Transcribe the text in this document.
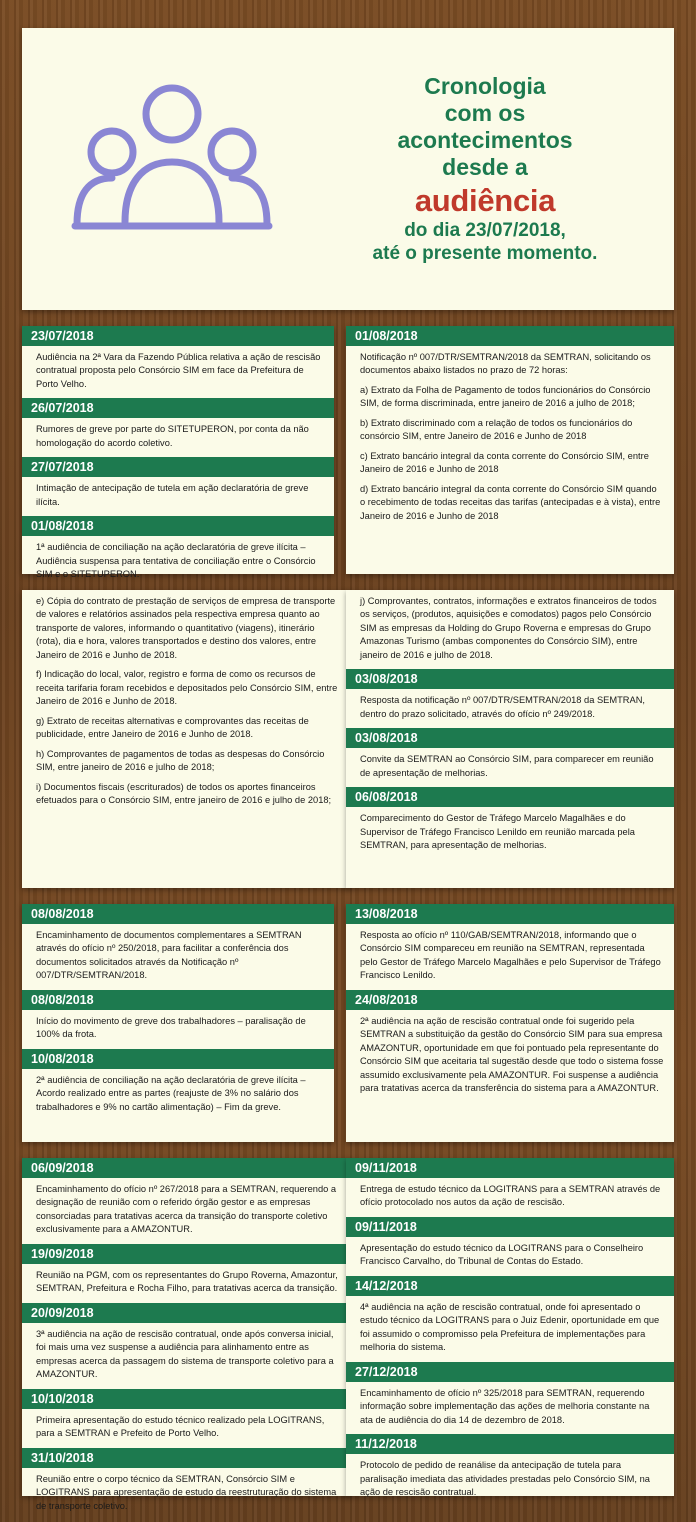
Cronologia
com os
acontecimentos
desde a
audiência
do dia 23/07/2018,
até o presente momento.
23/07/2018

Audiência na 2ª Vara da Fazendo Pública relativa a ação de rescisão contratual proposta pelo Consórcio SIM em face da Prefeitura de Porto Velho.

26/07/2018

Rumores de greve por parte do SITETUPERON, por conta da não homologação do acordo coletivo.

27/07/2018

Intimação de antecipação de tutela em ação declaratória de greve ilícita.

01/08/2018

1ª audiência de conciliação na ação declaratória de greve ilícita – Audiência suspensa para tentativa de conciliação entre o Consórcio SIM e o SITETUPERON.

01/08/2018

Notificação nº 007/DTR/SEMTRAN/2018 da SEMTRAN, solicitando os documentos abaixo listados no prazo de 72 horas:

a) Extrato da Folha de Pagamento de todos funcionários do Consórcio SIM, de forma discriminada, entre janeiro de 2016 a julho de 2018;

b) Extrato discriminado com a relação de todos os funcionários do consórcio SIM, entre Janeiro de 2016 e Junho de 2018

c) Extrato bancário integral da conta corrente do Consórcio SIM, entre Janeiro de 2016 e Junho de 2018

d) Extrato bancário integral da conta corrente do Consórcio SIM quando o recebimento de todas receitas das tarifas (antecipadas e à vista), entre Janeiro de 2016 e Junho de 2018

e) Cópia do contrato de prestação de serviços de empresa de transporte de valores e relatórios assinados pela respectiva empresa quanto ao transporte de valores, informando o quantitativo (viagens), itinerário (rota), dia e hora, valores transportados e destino dos valores, entre Janeiro de 2016 e Junho de 2018.

f) Indicação do local, valor, registro e forma de como os recursos de receita tarifaria foram recebidos e depositados pelo Consórcio SIM, entre Janeiro de 2016 e Junho de 2018.

g) Extrato de receitas alternativas e comprovantes das receitas de publicidade, entre Janeiro de 2016 e Junho de 2018.

h) Comprovantes de pagamentos de todas as despesas do Consórcio SIM, entre janeiro de 2016 e julho de 2018;

i) Documentos fiscais (escriturados) de todos os aportes financeiros efetuados para o Consórcio SIM, entre janeiro de 2016 e julho de 2018;

j) Comprovantes, contratos, informações e extratos financeiros de todos os serviços, (produtos, aquisições e comodatos) pagos pelo Consórcio SIM as empresas da Holding do Grupo Roverna e empresas do Grupo Amazonas Turismo (ambas componentes do Consórcio SIM), entre janeiro de 2016 e julho de 2018.

03/08/2018

Resposta da notificação nº 007/DTR/SEMTRAN/2018 da SEMTRAN, dentro do prazo solicitado, através do ofício nº 249/2018.

03/08/2018

Convite da SEMTRAN ao Consórcio SIM, para comparecer em reunião de apresentação de melhorias.

06/08/2018

Comparecimento do Gestor de Tráfego Marcelo Magalhães e do Supervisor de Tráfego Francisco Lenildo em reunião marcada pela SEMTRAN, para apresentação de melhorias.

08/08/2018

Encaminhamento de documentos complementares a SEMTRAN através do ofício nº 250/2018, para facilitar a conferência dos documentos solicitados através da Notificação nº 007/DTR/SEMTRAN/2018.

08/08/2018

Início do movimento de greve dos trabalhadores – paralisação de 100% da frota.

10/08/2018

2ª audiência de conciliação na ação declaratória de greve ilícita – Acordo realizado entre as partes (reajuste de 3% no salário dos trabalhadores e 9% no cartão alimentação) – Fim da greve.

13/08/2018

Resposta ao ofício nº 110/GAB/SEMTRAN/2018, informando que o Consórcio SIM compareceu em reunião na SEMTRAN, representada pelo Gestor de Tráfego Marcelo Magalhães e pelo Supervisor de Tráfego Francisco Lenildo.

24/08/2018

2ª audiência na ação de rescisão contratual onde foi sugerido pela SEMTRAN a substituição da gestão do Consórcio SIM para sua empresa AMAZONTUR, oportunidade em que foi pontuado pela representante do Consórcio SIM que aceitaria tal sugestão desde que todo o sistema fosse assumido exclusivamente pela AMAZONTUR. Foi suspense a audiência para tratativas acerca da transferência do sistema para a AMAZONTUR.

06/09/2018

Encaminhamento do ofício nº 267/2018 para a SEMTRAN, requerendo a designação de reunião com o referido órgão gestor e as empresas consorciadas para tratativas acerca da transição do transporte coletivo exclusivamente para a AMAZONTUR.

19/09/2018

Reunião na PGM, com os representantes do Grupo Roverna, Amazontur, SEMTRAN, Prefeitura e Rocha Filho, para tratativas acerca da transição.

20/09/2018

3ª audiência na ação de rescisão contratual, onde após conversa inicial, foi mais uma vez suspense a audiência para alinhamento entre as empresas acerca da passagem do sistema de transporte coletivo para a AMAZONTUR.

10/10/2018

Primeira apresentação do estudo técnico realizado pela LOGITRANS, para a SEMTRAN e Prefeito de Porto Velho.

31/10/2018

Reunião entre o corpo técnico da SEMTRAN, Consórcio SIM e LOGITRANS para apresentação de estudo da reestruturação do sistema de transporte coletivo.

09/11/2018

Entrega de estudo técnico da LOGITRANS para a SEMTRAN através de ofício protocolado nos autos da ação de rescisão.

09/11/2018

Apresentação do estudo técnico da LOGITRANS para o Conselheiro Francisco Carvalho, do Tribunal de Contas do Estado.

14/12/2018

4ª audiência na ação de rescisão contratual, onde foi apresentado o estudo técnico da LOGITRANS para o Juiz Edenir, oportunidade em que foi assumido o compromisso pela Prefeitura de implementações para melhoria do sistema.

27/12/2018

Encaminhamento de ofício nº 325/2018 para SEMTRAN, requerendo informação sobre implementação das ações de melhoria constante na ata de audiência do dia 14 de dezembro de 2018.

11/12/2018

Protocolo de pedido de reanálise da antecipação de tutela para paralisação imediata das atividades prestadas pelo Consórcio SIM, na ação de rescisão contratual.
